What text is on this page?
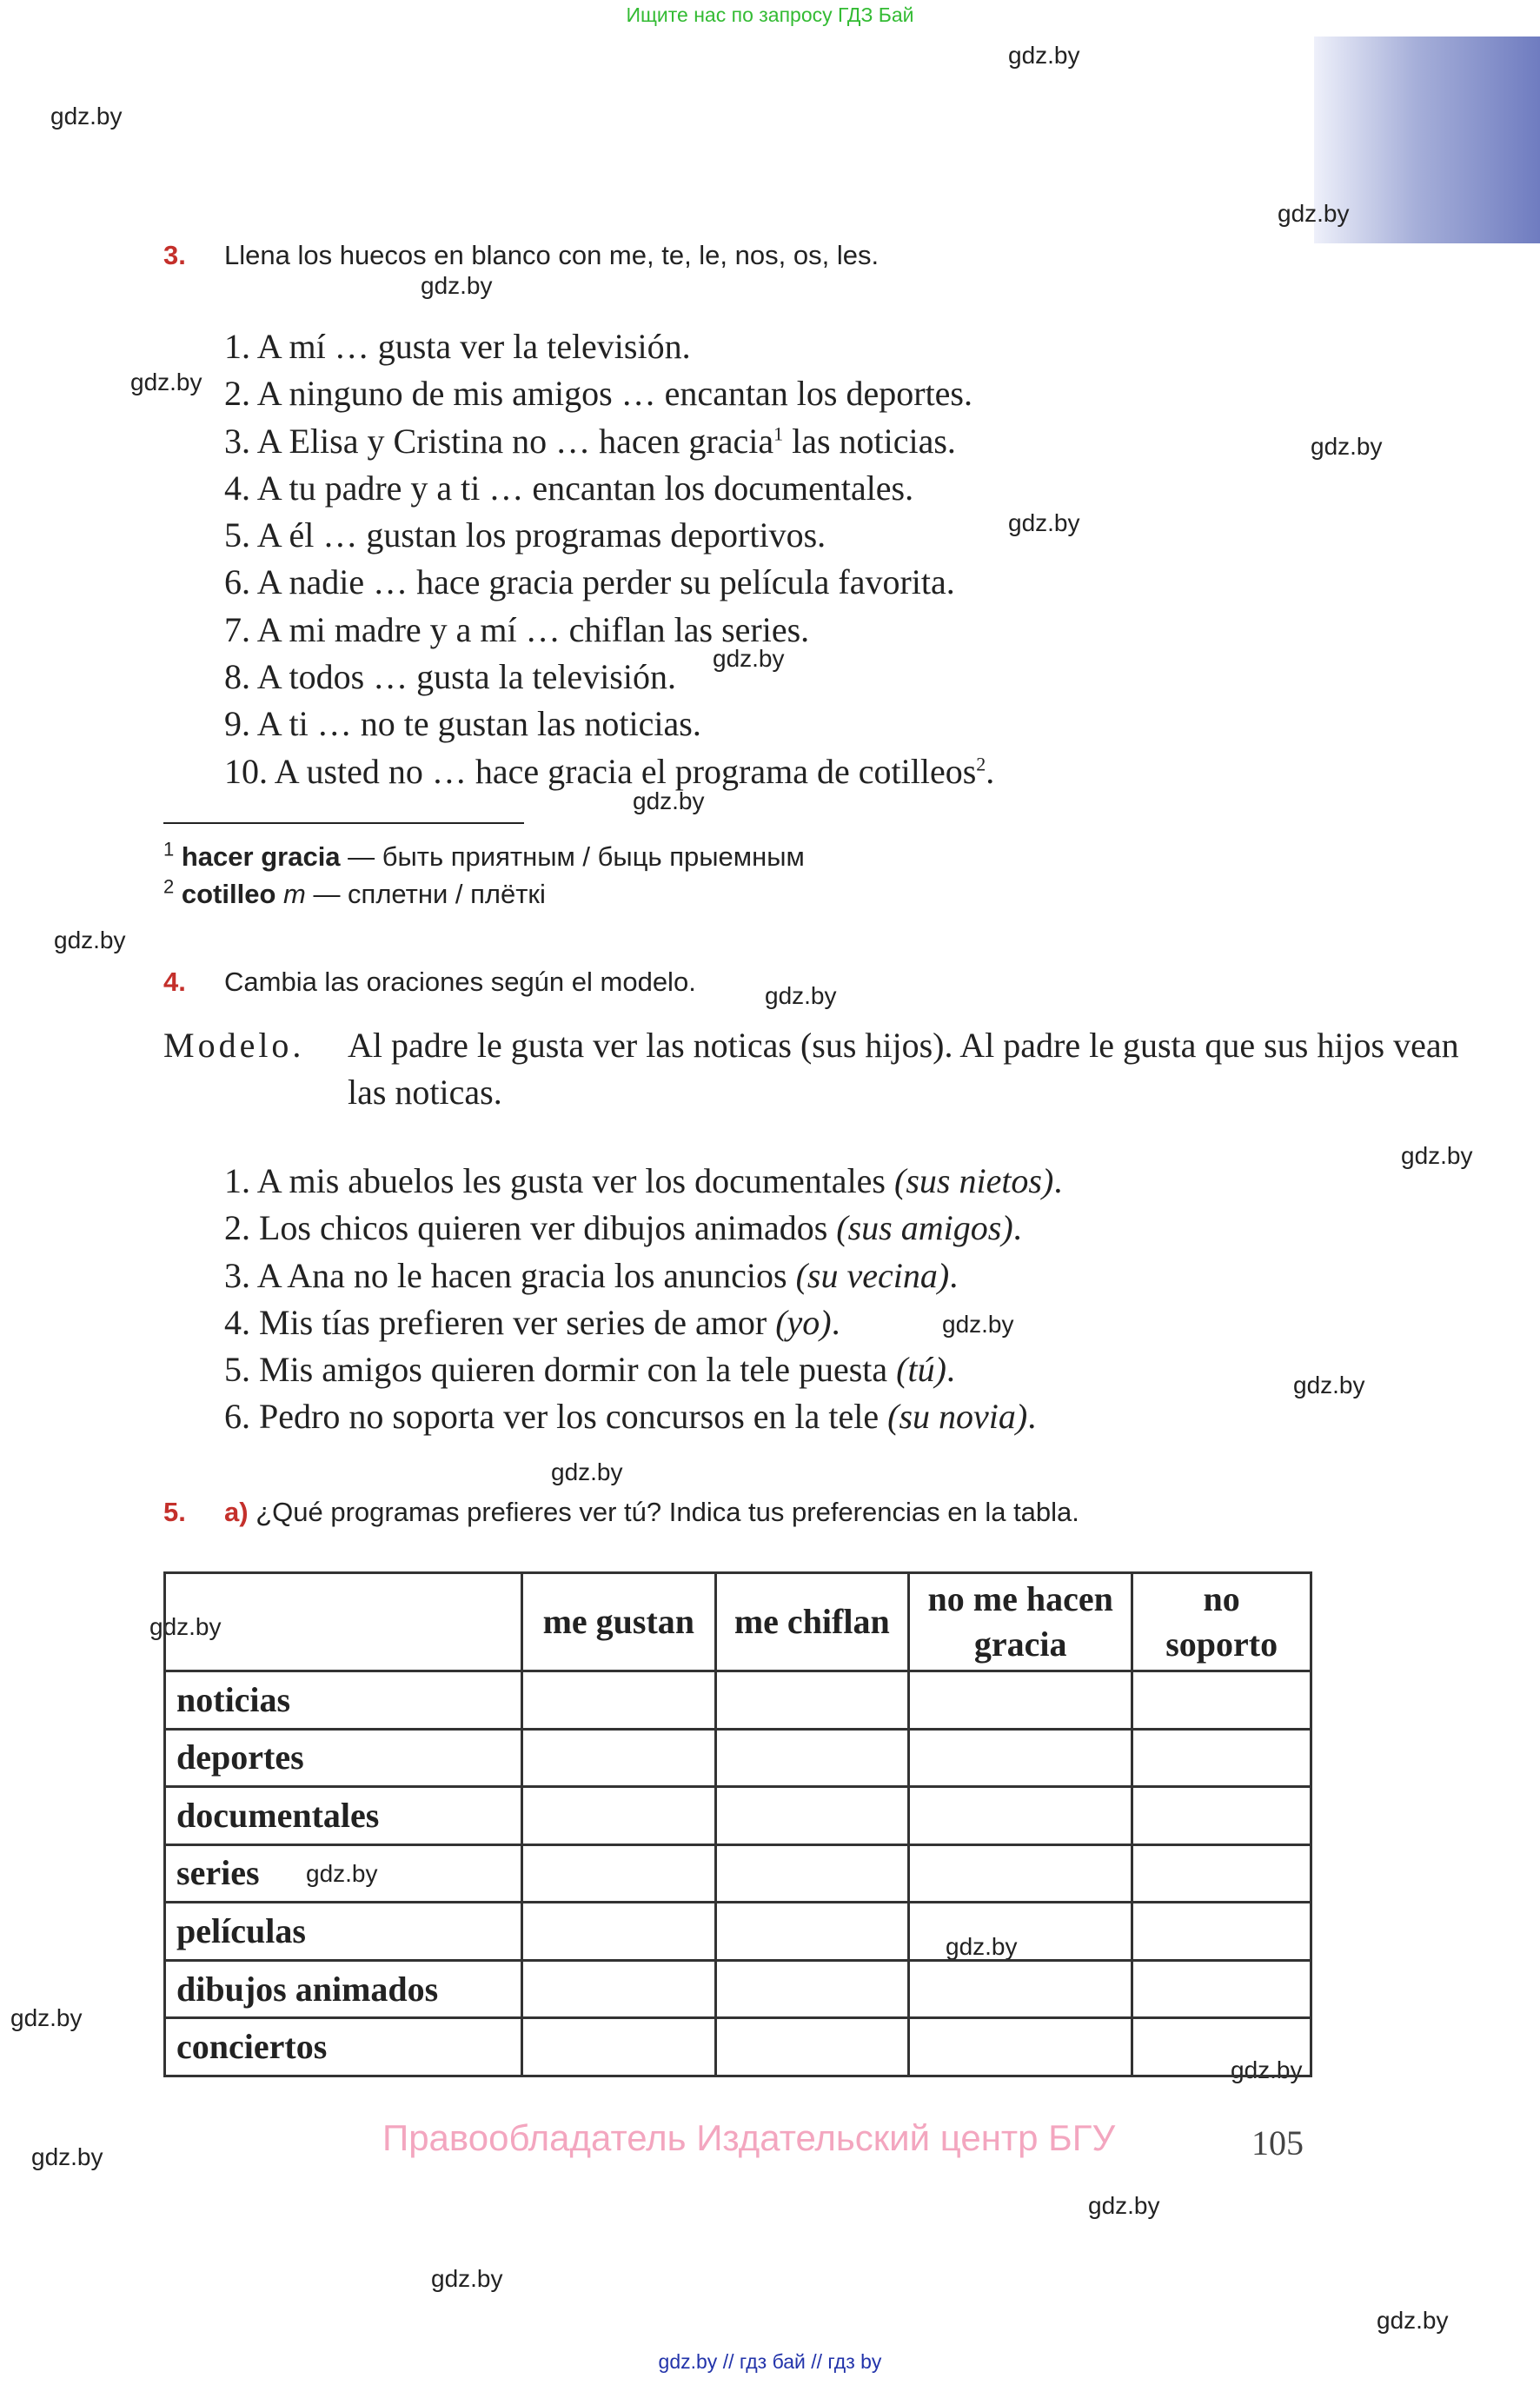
Ищите нас по запросу ГДЗ Бай
gdz.by
gdz.by
gdz.by
gdz.by
gdz.by
gdz.by
gdz.by
gdz.by
gdz.by
gdz.by
gdz.by
gdz.by
gdz.by
gdz.by
gdz.by
gdz.by
gdz.by
gdz.by
gdz.by
gdz.by
gdz.by
gdz.by
gdz.by
gdz.by
3. Llena los huecos en blanco con me, te, le, nos, os, les.
1. A mí … gusta ver la televisión.
2. A ninguno de mis amigos … encantan los deportes.
3. A Elisa y Cristina no … hacen gracia$^1$ las noticias.
4. A tu padre y a ti … encantan los documentales.
5. A él … gustan los programas deportivos.
6. A nadie … hace gracia perder su película favorita.
7. A mi madre y a mí … chiflan las series.
8. A todos … gusta la televisión.
9. A ti … no te gustan las noticias.
10. A usted no … hace gracia el programa de cotilleos$^2$.
$^1$ hacer gracia — быть приятным / быць прыемным
$^2$ cotilleo m — сплетни / плёткі
4. Cambia las oraciones según el modelo.
Modelo. Al padre le gusta ver las noticas (sus hijos). Al padre le gusta que sus hijos vean las noticas.
1. A mis abuelos les gusta ver los documentales (sus nietos).
2. Los chicos quieren ver dibujos animados (sus amigos).
3. A Ana no le hacen gracia los anuncios (su vecina).
4. Mis tías prefieren ver series de amor (yo).
5. Mis amigos quieren dormir con la tele puesta (tú).
6. Pedro no soporta ver los concursos en la tele (su novia).
5. a) ¿Qué programas prefieres ver tú? Indica tus preferencias en la tabla.
	me gustan	me chiflan	no me hacen gracia	no soporto
noticias				
deportes				
documentales				
series				
películas				
dibujos animados				
conciertos				
Правообладатель Издательский центр БГУ	105
gdz.by // гдз бай // гдз by
